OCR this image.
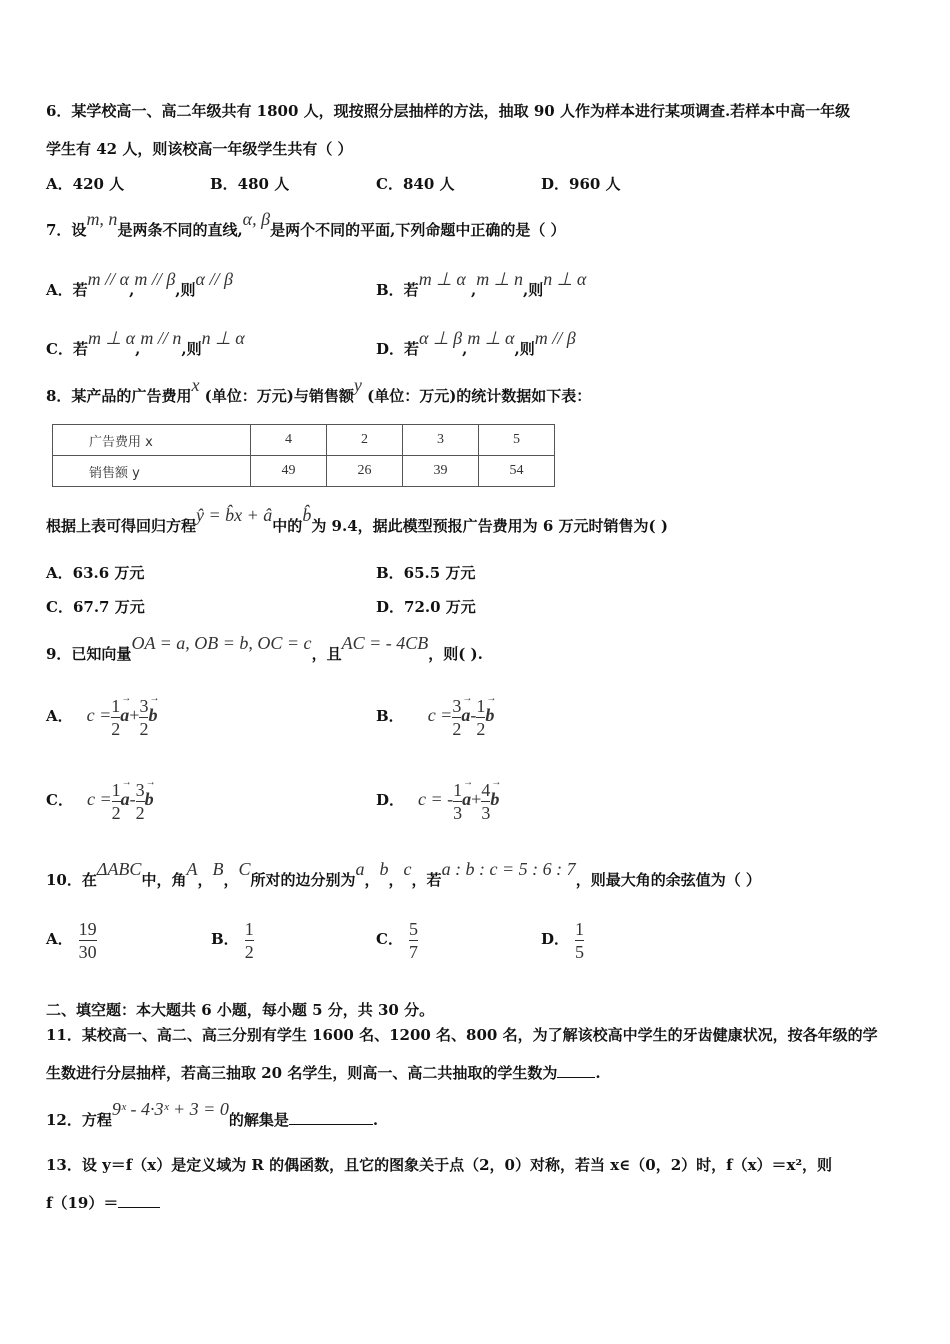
6．某学校高一、高二年级共有 1800 人，现按照分层抽样的方法，抽取 90 人作为样本进行某项调查.若样本中高一年级
学生有 42 人，则该校高一年级学生共有（ ）
A．420 人	B．480 人	C．840 人	D．960 人
7．设m, n是两条不同的直线,α, β是两个不同的平面,下列命题中正确的是（ ）
A．若m // α,m // β,则α // β
B．若m ⊥ α ,m ⊥ n,则n ⊥ α
C．若m ⊥ α,m // n,则n ⊥ α
D．若α ⊥ β,m ⊥ α,则m // β
8．某产品的广告费用x (单位：万元)与销售额y (单位：万元)的统计数据如下表：
广告费用 x	4	2	3	5
销售额 y	49	26	39	54
根据上表可得回归方程ŷ = b̂x + â中的b̂为 9.4，据此模型预报广告费用为 6 万元时销售为( )
A．63.6 万元	B．65.5 万元
C．67.7 万元	D．72.0 万元
9．已知向量OA = a, OB = b, OC = c，且AC = - 4CB，则( ).
A． $c = \frac{1}{2} \to a+ \frac{3}{2} \to b$	B． $c = \frac{3}{2} \to a- \frac{1}{2} \to b$
C． $c = \frac{1}{2} \to a- \frac{3}{2} \to b$	D． c = - $\frac{1}{3} \to a+ \frac{4}{3} \to b$
10．在ΔABC中，角A，B，C所对的边分别为a，b，c，若a : b : c = 5 : 6 : 7，则最大角的余弦值为（ ）
A． $\frac{19}{30}$	B． $\frac{1}{2}$	C． $\frac{5}{7}$	D． $\frac{1}{5}$
二、填空题：本大题共 6 小题，每小题 5 分，共 30 分。
11．某校高一、高二、高三分别有学生 1600 名、1200 名、800 名，为了解该校高中学生的牙齿健康状况，按各年级的学
生数进行分层抽样，若高三抽取 20 名学生，则高一、高二共抽取的学生数为	.
12．方程9ˣ - 4·3ˣ + 3 = 0的解集是	.
13．设 y＝f（x）是定义域为 R 的偶函数，且它的图象关于点（2，0）对称，若当 x∈（0，2）时，f（x）＝x²，则
f（19）＝
